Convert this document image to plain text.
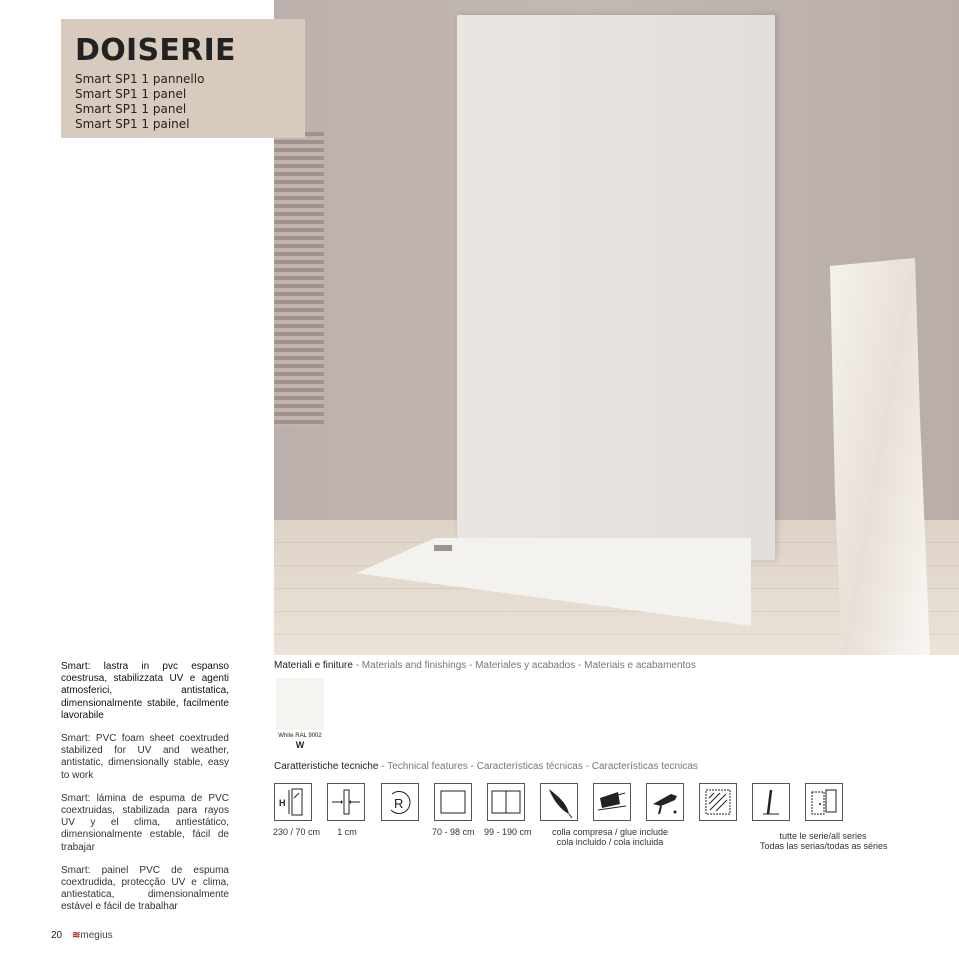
DOISERIE
Smart SP1 1 pannello
Smart SP1 1 panel
Smart SP1 1 panel
Smart SP1 1 painel

Smart: lastra in pvc espanso coestrusa, stabilizzata UV e agenti atmosferici, antistatica, dimensionalmente stabile, facilmente lavorabile

Smart: PVC foam sheet coextruded stabilized for UV and weather, antistatic, dimensionally stable, easy to work

Smart: lámina de espuma de PVC coextruidas, stabilizada para rayos UV y el clima, antiestático, dimensionalmente estable, fácil de trabajar

Smart: painel PVC de espuma coextrudida, protecção UV e clima, antiestatica, dimensionalmente estável e fácil de trabalhar

Materiali e finiture - Materials and finishings - Materiales y acabados - Materiais e acabamentos
White RAL 9002
W
Caratteristiche tecniche - Technical features - Características técnicas - Características tecnicas
H	R
230 / 70 cm	1 cm	70 - 98 cm 99 - 190 cm	colla compresa / glue include
cola incluido / cola incluida
tutte le serie/all series
Todas las serias/todas as séries
20 ≋megius
